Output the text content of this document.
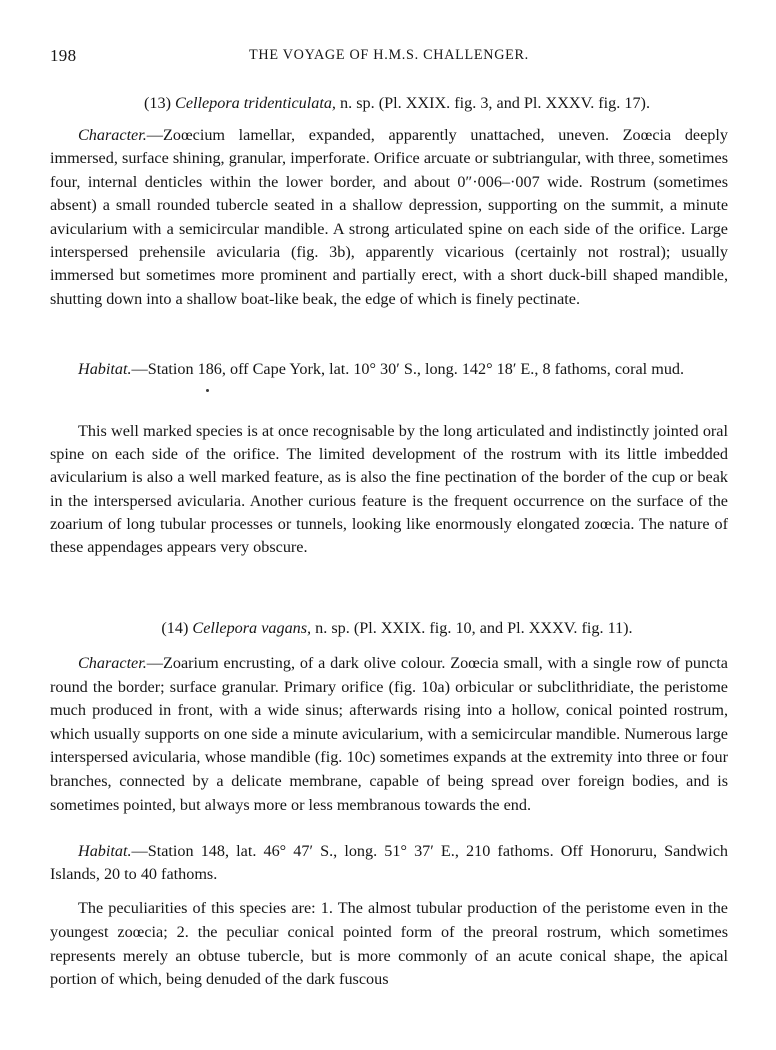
198	THE VOYAGE OF H.M.S. CHALLENGER.
(13) Cellepora tridenticulata, n. sp. (Pl. XXIX. fig. 3, and Pl. XXXV. fig. 17).
Character.—Zoœcium lamellar, expanded, apparently unattached, uneven. Zoœcia deeply immersed, surface shining, granular, imperforate. Orifice arcuate or subtriangular, with three, sometimes four, internal denticles within the lower border, and about 0″·006–·007 wide. Rostrum (sometimes absent) a small rounded tubercle seated in a shallow depression, supporting on the summit, a minute avicularium with a semicircular mandible. A strong articulated spine on each side of the orifice. Large interspersed prehensile avicularia (fig. 3b), apparently vicarious (certainly not rostral); usually immersed but sometimes more prominent and partially erect, with a short duck-bill shaped mandible, shutting down into a shallow boat-like beak, the edge of which is finely pectinate.
Habitat.—Station 186, off Cape York, lat. 10° 30′ S., long. 142° 18′ E., 8 fathoms, coral mud.
This well marked species is at once recognisable by the long articulated and indistinctly jointed oral spine on each side of the orifice. The limited development of the rostrum with its little imbedded avicularium is also a well marked feature, as is also the fine pectination of the border of the cup or beak in the interspersed avicularia. Another curious feature is the frequent occurrence on the surface of the zoarium of long tubular processes or tunnels, looking like enormously elongated zoœcia. The nature of these appendages appears very obscure.
(14) Cellepora vagans, n. sp. (Pl. XXIX. fig. 10, and Pl. XXXV. fig. 11).
Character.—Zoarium encrusting, of a dark olive colour. Zoœcia small, with a single row of puncta round the border; surface granular. Primary orifice (fig. 10a) orbicular or subclithridiate, the peristome much produced in front, with a wide sinus; afterwards rising into a hollow, conical pointed rostrum, which usually supports on one side a minute avicularium, with a semicircular mandible. Numerous large interspersed avicularia, whose mandible (fig. 10c) sometimes expands at the extremity into three or four branches, connected by a delicate membrane, capable of being spread over foreign bodies, and is sometimes pointed, but always more or less membranous towards the end.
Habitat.—Station 148, lat. 46° 47′ S., long. 51° 37′ E., 210 fathoms. Off Honoruru, Sandwich Islands, 20 to 40 fathoms.
The peculiarities of this species are: 1. The almost tubular production of the peristome even in the youngest zoœcia; 2. the peculiar conical pointed form of the preoral rostrum, which sometimes represents merely an obtuse tubercle, but is more commonly of an acute conical shape, the apical portion of which, being denuded of the dark fuscous
